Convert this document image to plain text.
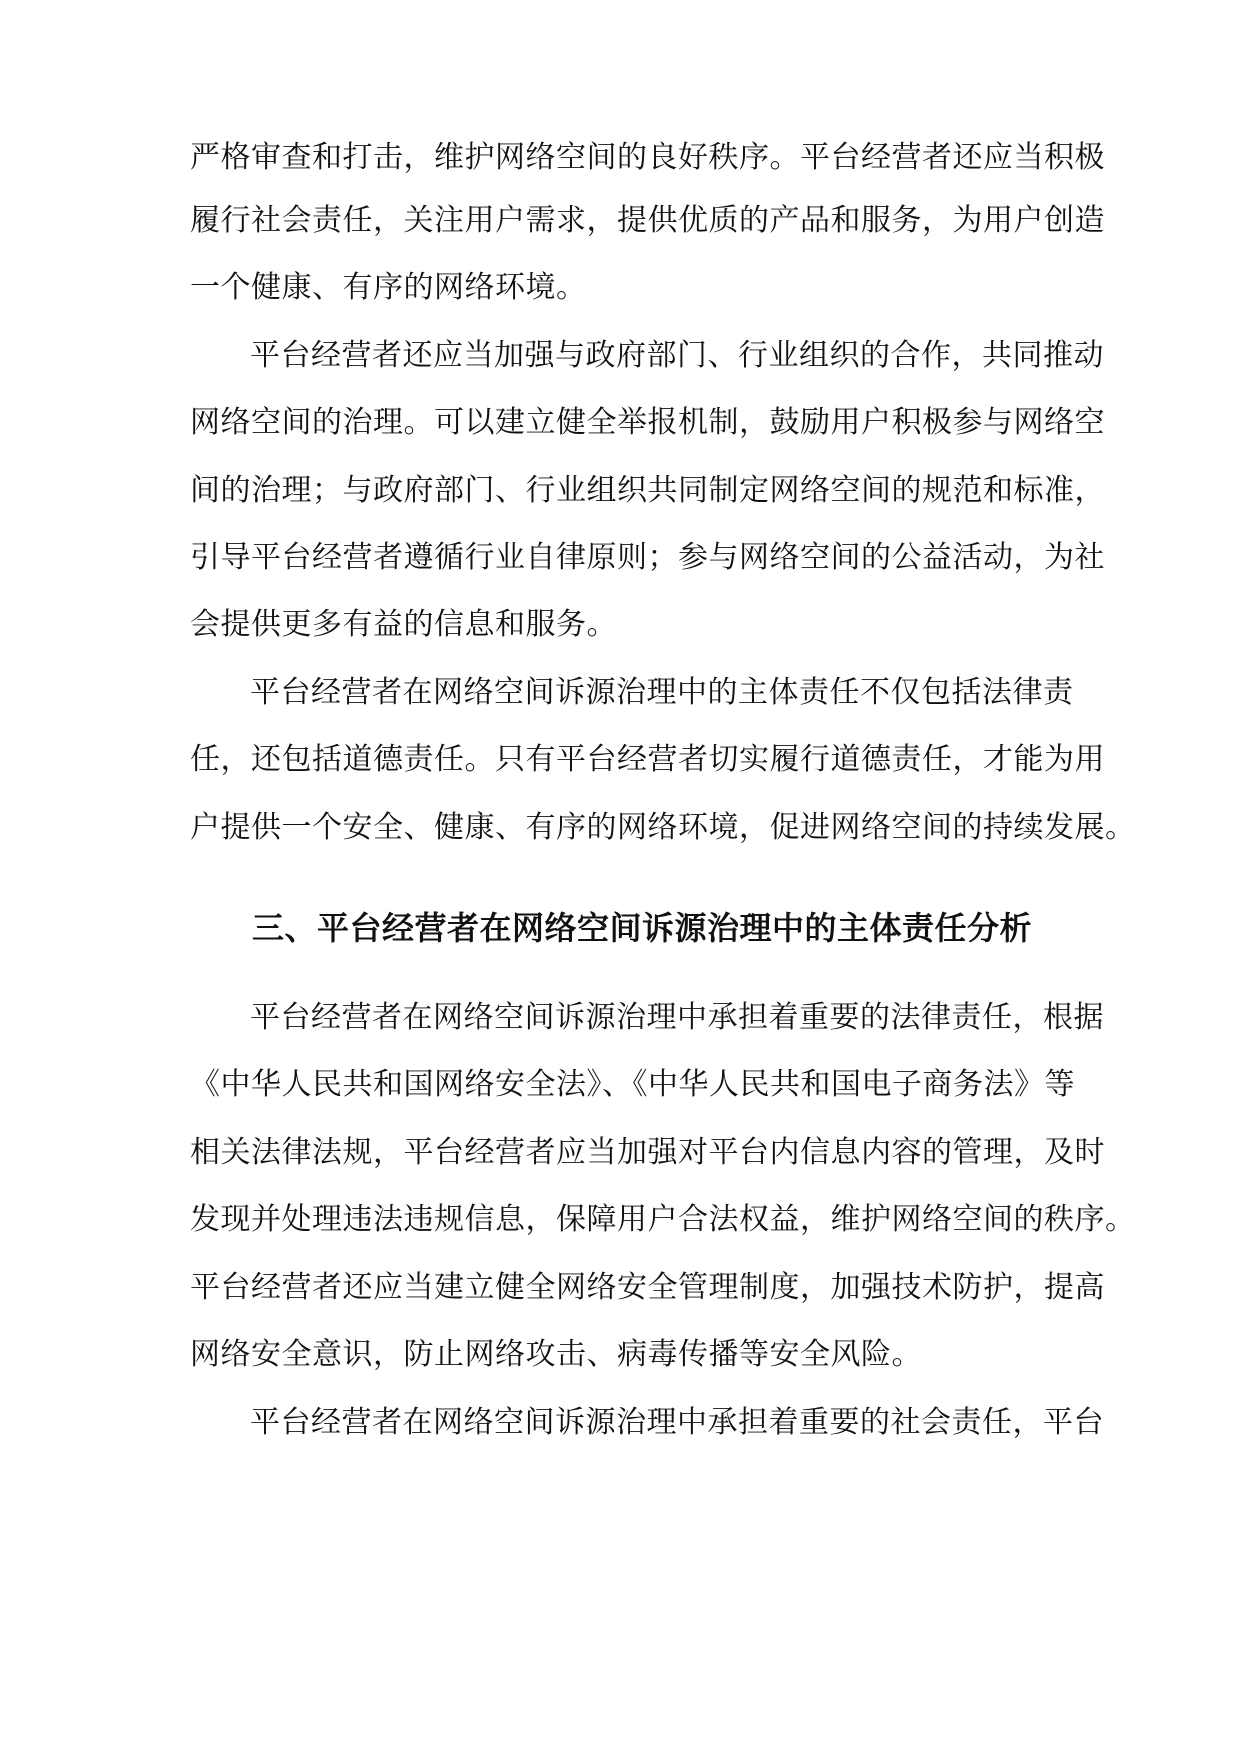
严格审查和打击，维护网络空间的良好秩序。平台经营者还应当积极
履行社会责任，关注用户需求，提供优质的产品和服务，为用户创造
一个健康、有序的网络环境。
平台经营者还应当加强与政府部门、行业组织的合作，共同推动
网络空间的治理。可以建立健全举报机制，鼓励用户积极参与网络空
间的治理；与政府部门、行业组织共同制定网络空间的规范和标准，
引导平台经营者遵循行业自律原则；参与网络空间的公益活动，为社
会提供更多有益的信息和服务。
平台经营者在网络空间诉源治理中的主体责任不仅包括法律责
任，还包括道德责任。只有平台经营者切实履行道德责任，才能为用
户提供一个安全、健康、有序的网络环境，促进网络空间的持续发展。
三、平台经营者在网络空间诉源治理中的主体责任分析
平台经营者在网络空间诉源治理中承担着重要的法律责任，根据
《中华人民共和国网络安全法》、《中华人民共和国电子商务法》等
相关法律法规，平台经营者应当加强对平台内信息内容的管理，及时
发现并处理违法违规信息，保障用户合法权益，维护网络空间的秩序。
平台经营者还应当建立健全网络安全管理制度，加强技术防护，提高
网络安全意识，防止网络攻击、病毒传播等安全风险。
平台经营者在网络空间诉源治理中承担着重要的社会责任，平台
